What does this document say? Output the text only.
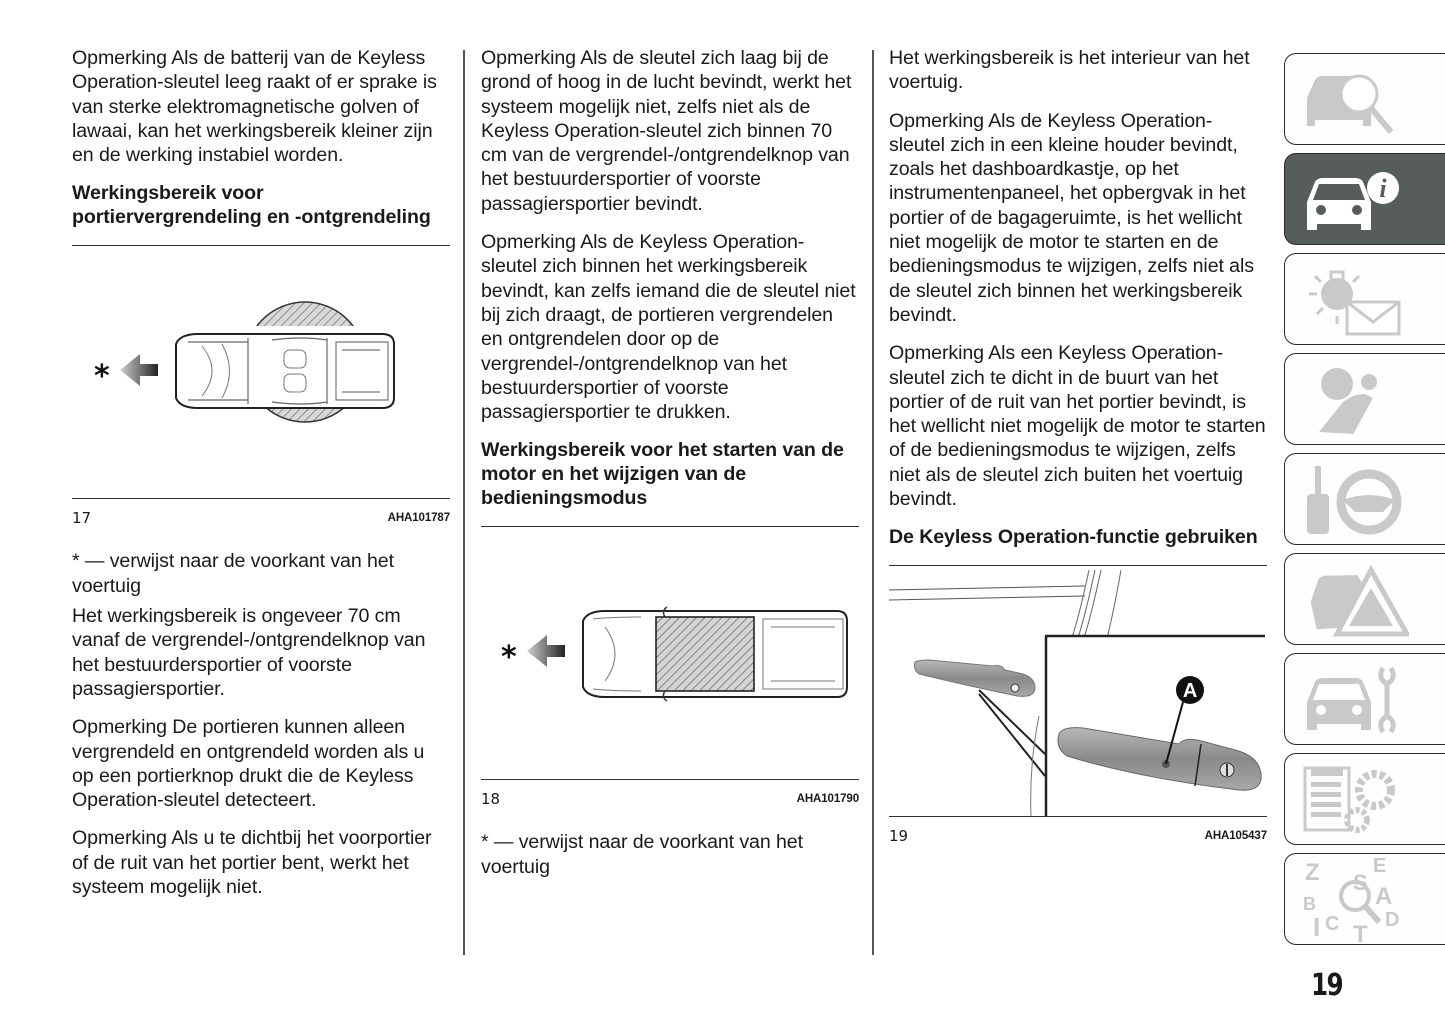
Opmerking Als de batterij van de Keyless Operation-sleutel leeg raakt of er sprake is van sterke elektromagnetische golven of lawaai, kan het werkingsbereik kleiner zijn en de werking instabiel worden.

Werkingsbereik voor portiervergrendeling en -ontgrendeling
*
17	AHA101787

* — verwijst naar de voorkant van het voertuig

Het werkingsbereik is ongeveer 70 cm vanaf de vergrendel-/ontgrendelknop van het bestuurdersportier of voorste passagiersportier.

Opmerking De portieren kunnen alleen vergrendeld en ontgrendeld worden als u op een portierknop drukt die de Keyless Operation-sleutel detecteert.

Opmerking Als u te dichtbij het voorportier of de ruit van het portier bent, werkt het systeem mogelijk niet.

Opmerking Als de sleutel zich laag bij de grond of hoog in de lucht bevindt, werkt het systeem mogelijk niet, zelfs niet als de Keyless Operation-sleutel zich binnen 70 cm van de vergrendel-/ontgrendelknop van het bestuurdersportier of voorste passagiersportier bevindt.

Opmerking Als de Keyless Operation-sleutel zich binnen het werkingsbereik bevindt, kan zelfs iemand die de sleutel niet bij zich draagt, de portieren vergrendelen en ontgrendelen door op de vergrendel-/ontgrendelknop van het bestuurdersportier of voorste passagiersportier te drukken.

Werkingsbereik voor het starten van de motor en het wijzigen van de bedieningsmodus
*
18	AHA101790

* — verwijst naar de voorkant van het voertuig

Het werkingsbereik is het interieur van het voertuig.

Opmerking Als de Keyless Operation-sleutel zich in een kleine houder bevindt, zoals het dashboardkastje, op het instrumentenpaneel, het opbergvak in het portier of de bagageruimte, is het wellicht niet mogelijk de motor te starten en de bedieningsmodus te wijzigen, zelfs niet als de sleutel zich binnen het werkingsbereik bevindt.

Opmerking Als een Keyless Operation-sleutel zich te dicht in de buurt van het portier of de ruit van het portier bevindt, is het wellicht niet mogelijk de motor te starten of de bedieningsmodus te wijzigen, zelfs niet als de sleutel zich buiten het voertuig bevindt.

De Keyless Operation-functie gebruiken
A
19	AHA105437
i
Z	E
S
B A
I C T
D
19
